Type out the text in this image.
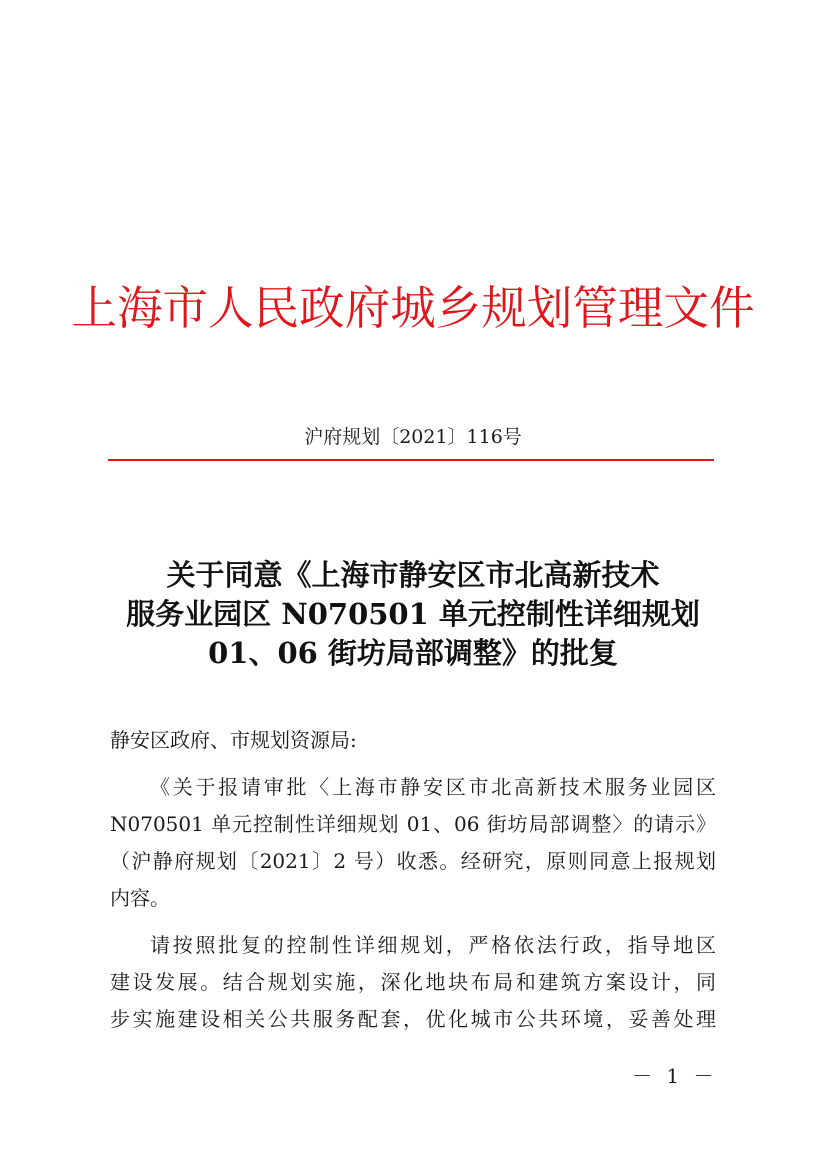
上海市人民政府城乡规划管理文件
沪府规划〔2021〕116号
关于同意《上海市静安区市北高新技术
服务业园区 N070501 单元控制性详细规划
01、06 街坊局部调整》的批复
静安区政府、市规划资源局:
《关于报请审批〈上海市静安区市北高新技术服务业园区
N070501 单元控制性详细规划 01、06 街坊局部调整〉的请示》
（沪静府规划〔2021〕2 号）收悉。经研究，原则同意上报规划
内容。
请按照批复的控制性详细规划，严格依法行政，指导地区
建设发展。结合规划实施，深化地块布局和建筑方案设计，同
步实施建设相关公共服务配套，优化城市公共环境，妥善处理
－ 1 －
